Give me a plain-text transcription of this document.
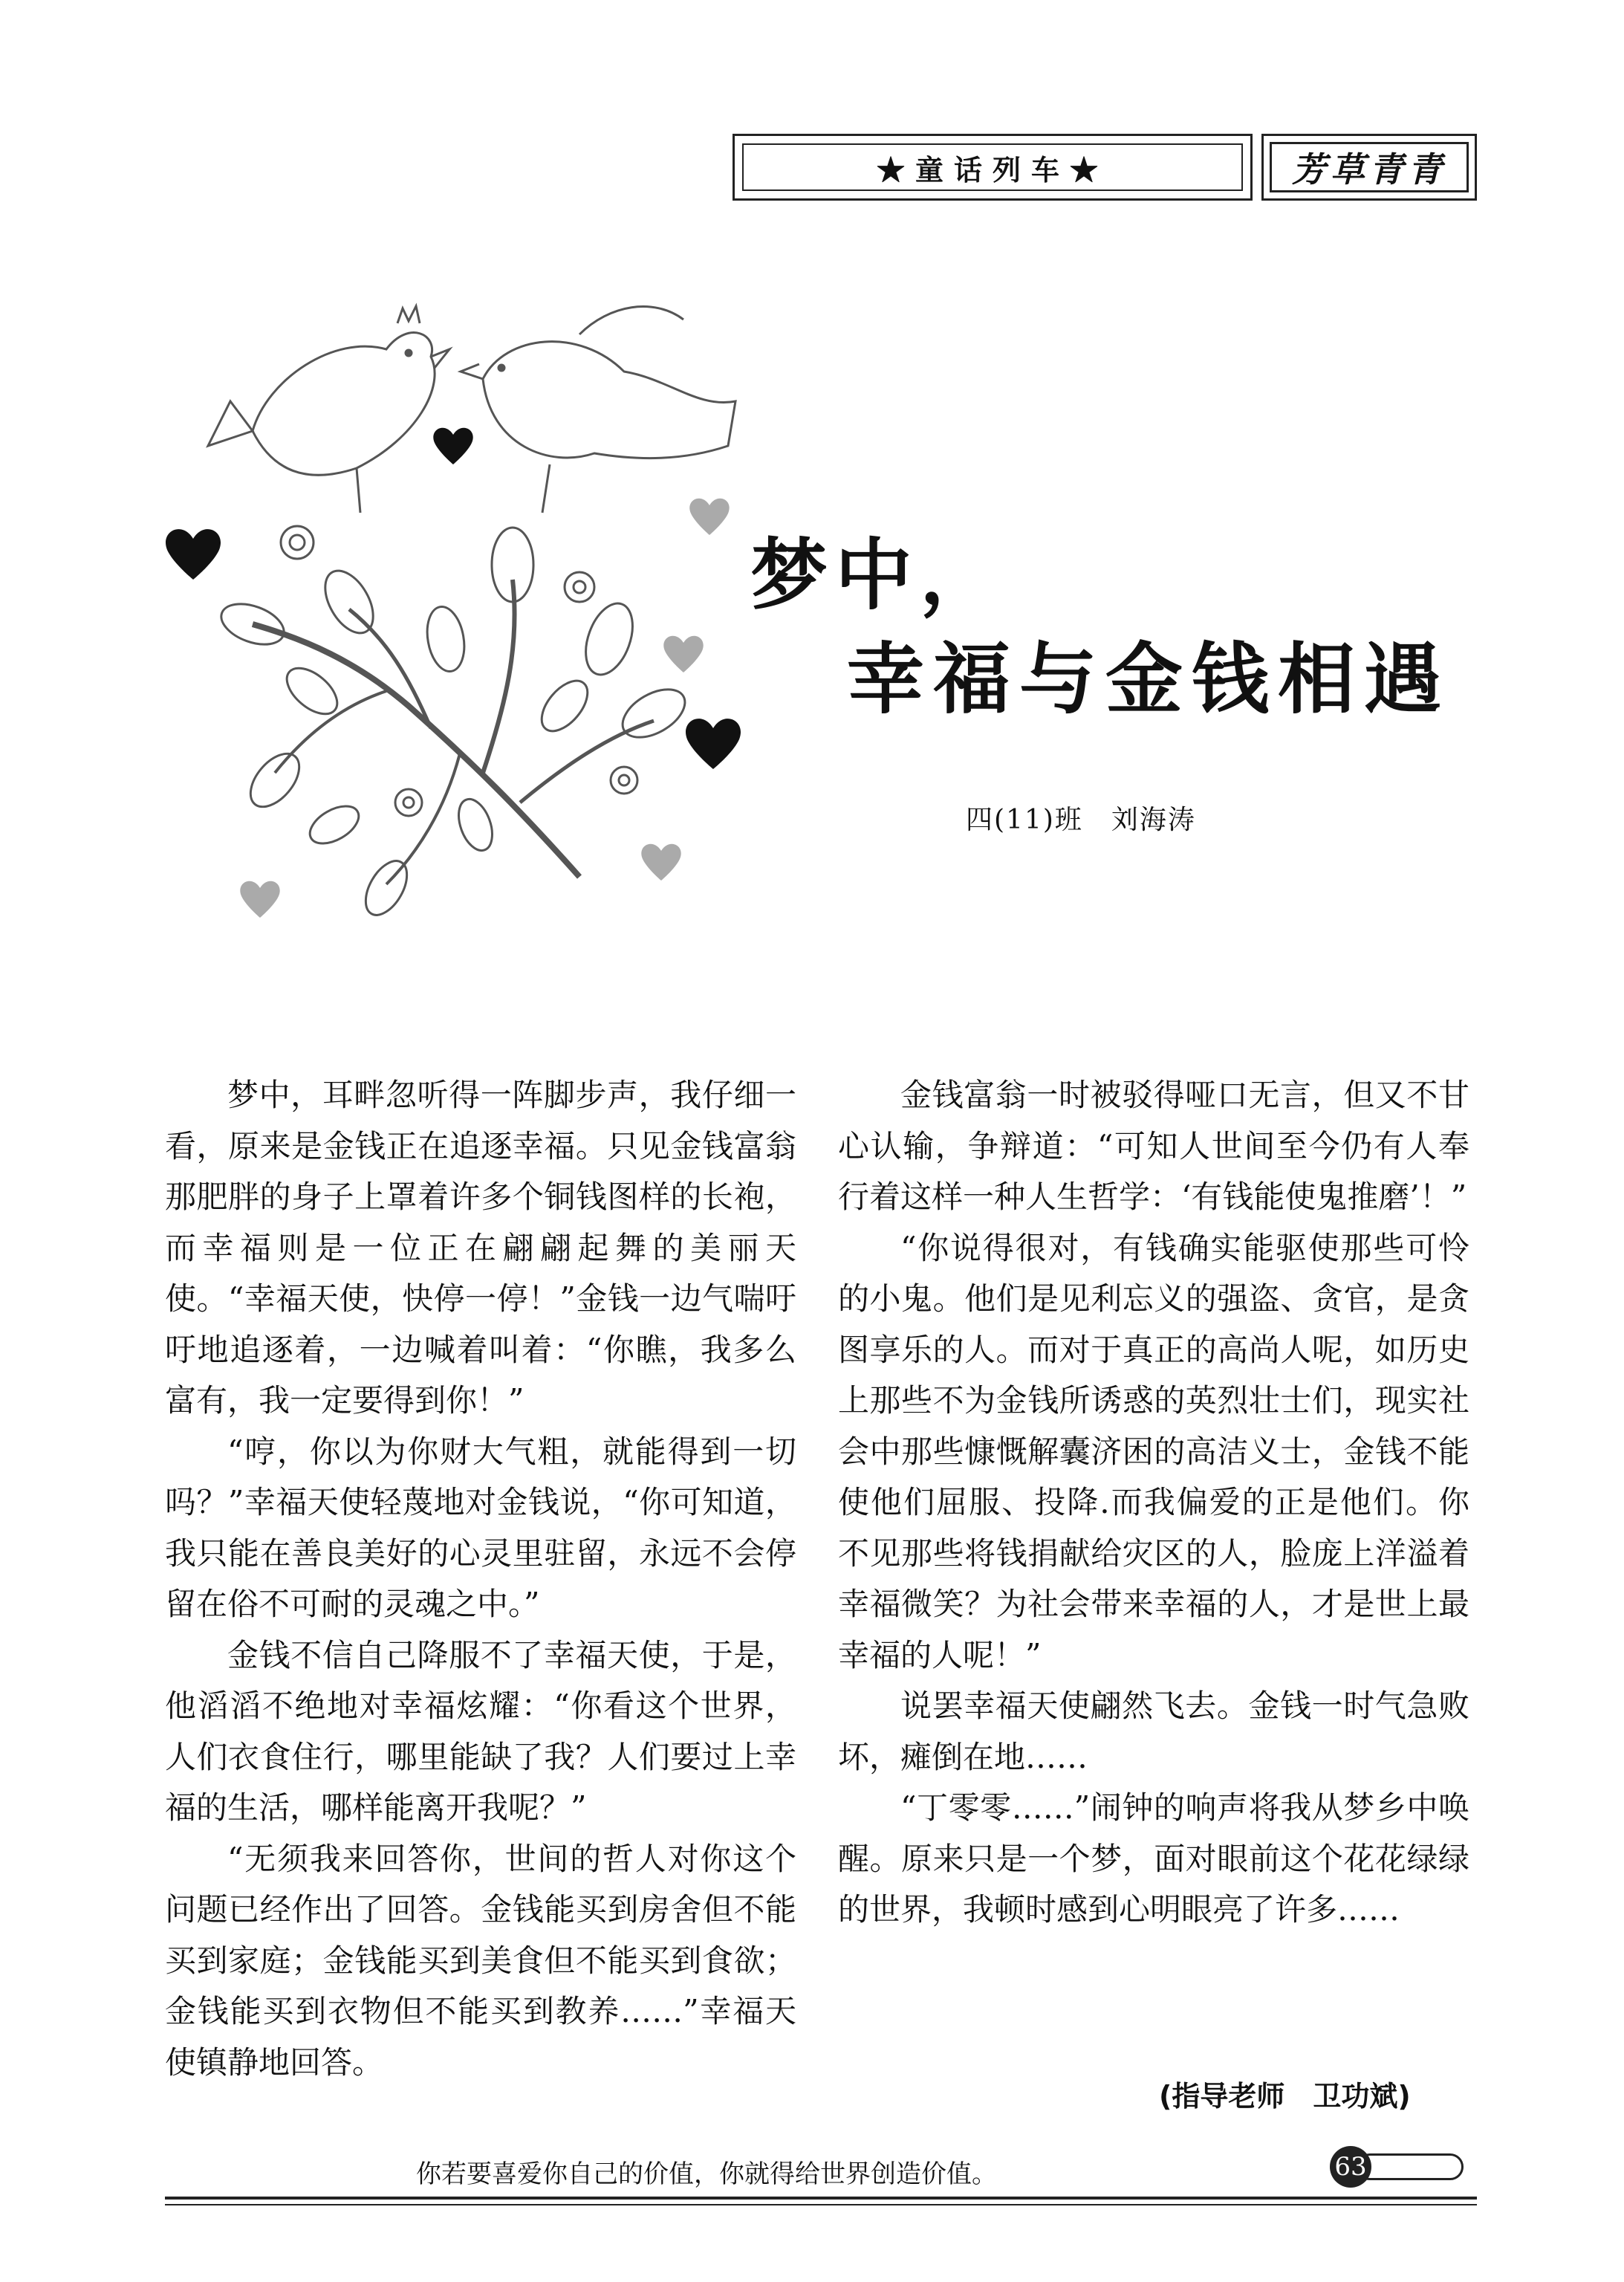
★童话列车★	芳草青青
梦中，
幸福与金钱相遇
四(11)班　刘海涛

梦中，耳畔忽听得一阵脚步声，我仔细一看，原来是金钱正在追逐幸福。只见金钱富翁那肥胖的身子上罩着许多个铜钱图样的长袍，而幸福则是一位正在翩翩起舞的美丽天使。“幸福天使，快停一停！”金钱一边气喘吁吁地追逐着，一边喊着叫着：“你瞧，我多么富有，我一定要得到你！”

“哼，你以为你财大气粗，就能得到一切吗？”幸福天使轻蔑地对金钱说，“你可知道，我只能在善良美好的心灵里驻留，永远不会停留在俗不可耐的灵魂之中。”

金钱不信自己降服不了幸福天使，于是，他滔滔不绝地对幸福炫耀：“你看这个世界，人们衣食住行，哪里能缺了我？人们要过上幸福的生活，哪样能离开我呢？”

“无须我来回答你，世间的哲人对你这个问题已经作出了回答。金钱能买到房舍但不能买到家庭；金钱能买到美食但不能买到食欲；金钱能买到衣物但不能买到教养……”幸福天使镇静地回答。

金钱富翁一时被驳得哑口无言，但又不甘心认输，争辩道：“可知人世间至今仍有人奉行着这样一种人生哲学：‘有钱能使鬼推磨’！”

“你说得很对，有钱确实能驱使那些可怜的小鬼。他们是见利忘义的强盗、贪官，是贪图享乐的人。而对于真正的高尚人呢，如历史上那些不为金钱所诱惑的英烈壮士们，现实社会中那些慷慨解囊济困的高洁义士，金钱不能使他们屈服、投降.而我偏爱的正是他们。你不见那些将钱捐献给灾区的人，脸庞上洋溢着幸福微笑？为社会带来幸福的人，才是世上最幸福的人呢！”

说罢幸福天使翩然飞去。金钱一时气急败坏，瘫倒在地……

“丁零零……”闹钟的响声将我从梦乡中唤醒。原来只是一个梦，面对眼前这个花花绿绿的世界，我顿时感到心明眼亮了许多……

(指导老师　卫功斌)
你若要喜爱你自己的价值，你就得给世界创造价值。	63
